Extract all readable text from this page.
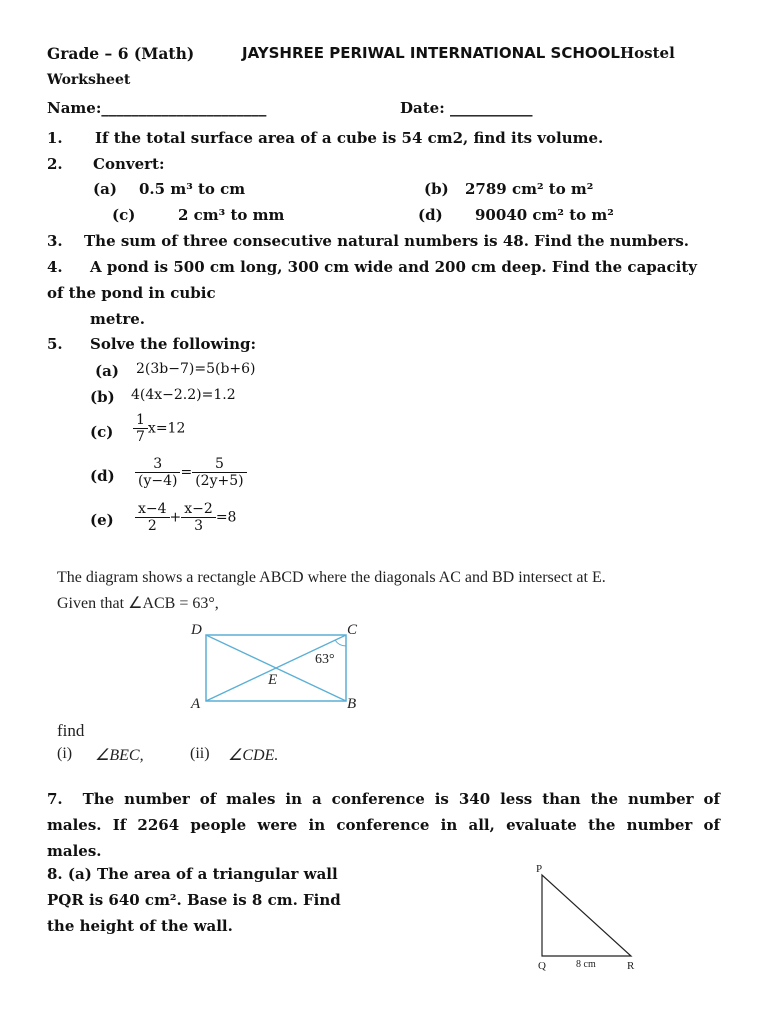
Grade – 6 (Math)	JAYSHREE PERIWAL INTERNATIONAL SCHOOLHostel
Worksheet
Name:______________________	Date: ___________
1. If the total surface area of a cube is 54 cm2, find its volume.
2. Convert:
(a) 0.5 m³ to cm	(b) 2789 cm² to m²
(c)	2 cm³ to mm	(d) 90040 cm² to m²
3. The sum of three consecutive natural numbers is 48. Find the numbers.
4. A pond is 500 cm long, 300 cm wide and 200 cm deep. Find the capacity
of the pond in cubic
metre.
5. Solve the following:
(a) 2(3b−7)=5(b+6)
(b) 4(4x−2.2)=1.2
$(c) \frac{1}{7} x=12$
$(d) \frac{3}{(y-4)} = \frac{5}{(2y+5)}$
$(e) \frac{x-4}{2} + \frac{x-2}{3} =8$
The diagram shows a rectangle ABCD where the diagonals AC and BD intersect at E.
Given that ∠ACB = 63°,
D	C
A	B
E
63°
find
(i) ∠BEC,	(ii) ∠CDE.
7. The number of males in a conference is 340 less than the number of males. If 2264 people were in conference in all, evaluate the number of males.
8. (a) The area of a triangular wall
PQR is 640 cm². Base is 8 cm. Find
the height of the wall.
P
Q	R
8 cm
